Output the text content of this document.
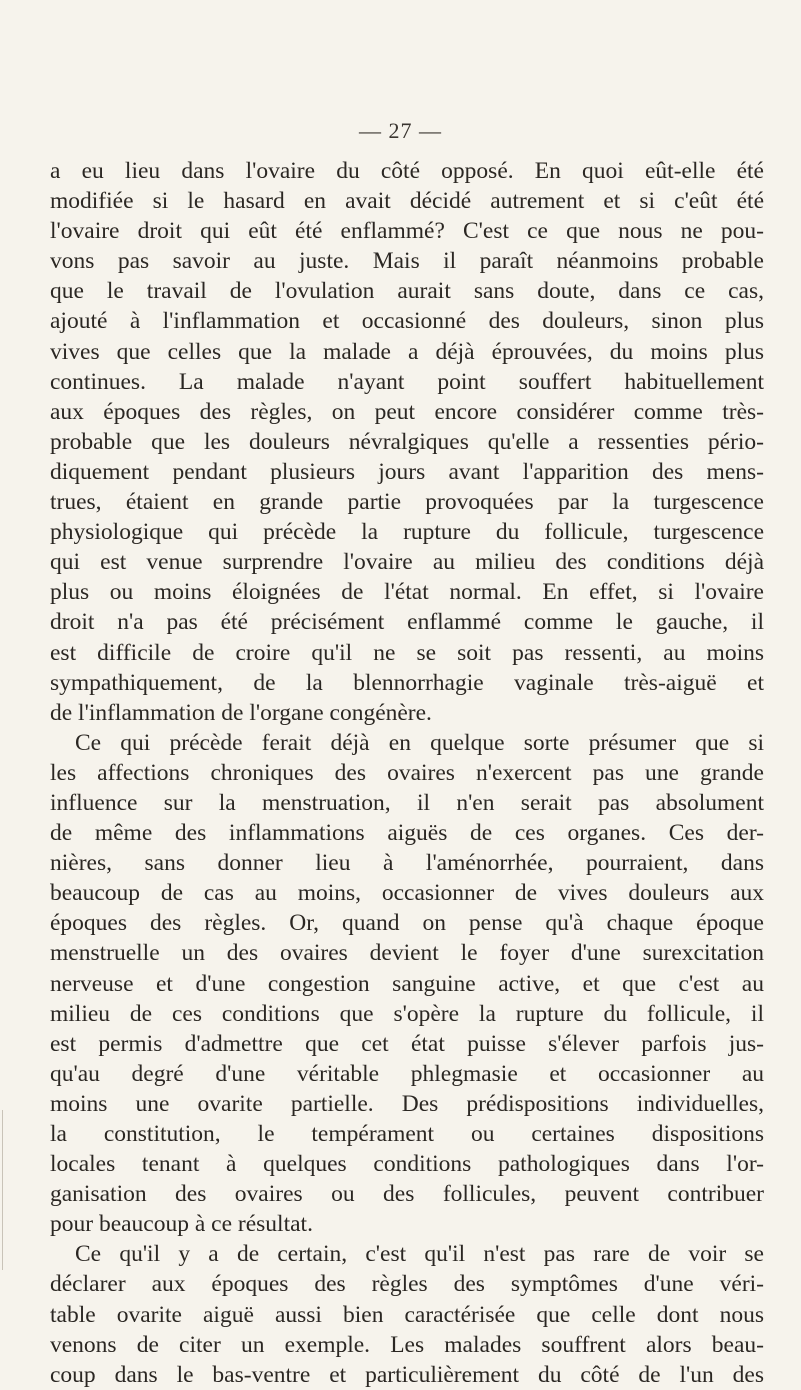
— 27 —
a eu lieu dans l'ovaire du côté opposé. En quoi eût-elle été
modifiée si le hasard en avait décidé autrement et si c'eût été
l'ovaire droit qui eût été enflammé? C'est ce que nous ne pou-
vons pas savoir au juste. Mais il paraît néanmoins probable
que le travail de l'ovulation aurait sans doute, dans ce cas,
ajouté à l'inflammation et occasionné des douleurs, sinon plus
vives que celles que la malade a déjà éprouvées, du moins plus
continues. La malade n'ayant point souffert habituellement
aux époques des règles, on peut encore considérer comme très-
probable que les douleurs névralgiques qu'elle a ressenties pério-
diquement pendant plusieurs jours avant l'apparition des mens-
trues, étaient en grande partie provoquées par la turgescence
physiologique qui précède la rupture du follicule, turgescence
qui est venue surprendre l'ovaire au milieu des conditions déjà
plus ou moins éloignées de l'état normal. En effet, si l'ovaire
droit n'a pas été précisément enflammé comme le gauche, il
est difficile de croire qu'il ne se soit pas ressenti, au moins
sympathiquement, de la blennorrhagie vaginale très-aiguë et
de l'inflammation de l'organe congénère.
Ce qui précède ferait déjà en quelque sorte présumer que si
les affections chroniques des ovaires n'exercent pas une grande
influence sur la menstruation, il n'en serait pas absolument
de même des inflammations aiguës de ces organes. Ces der-
nières, sans donner lieu à l'aménorrhée, pourraient, dans
beaucoup de cas au moins, occasionner de vives douleurs aux
époques des règles. Or, quand on pense qu'à chaque époque
menstruelle un des ovaires devient le foyer d'une surexcitation
nerveuse et d'une congestion sanguine active, et que c'est au
milieu de ces conditions que s'opère la rupture du follicule, il
est permis d'admettre que cet état puisse s'élever parfois jus-
qu'au degré d'une véritable phlegmasie et occasionner au
moins une ovarite partielle. Des prédispositions individuelles,
la constitution, le tempérament ou certaines dispositions
locales tenant à quelques conditions pathologiques dans l'or-
ganisation des ovaires ou des follicules, peuvent contribuer
pour beaucoup à ce résultat.
Ce qu'il y a de certain, c'est qu'il n'est pas rare de voir se
déclarer aux époques des règles des symptômes d'une véri-
table ovarite aiguë aussi bien caractérisée que celle dont nous
venons de citer un exemple. Les malades souffrent alors beau-
coup dans le bas-ventre et particulièrement du côté de l'un des
